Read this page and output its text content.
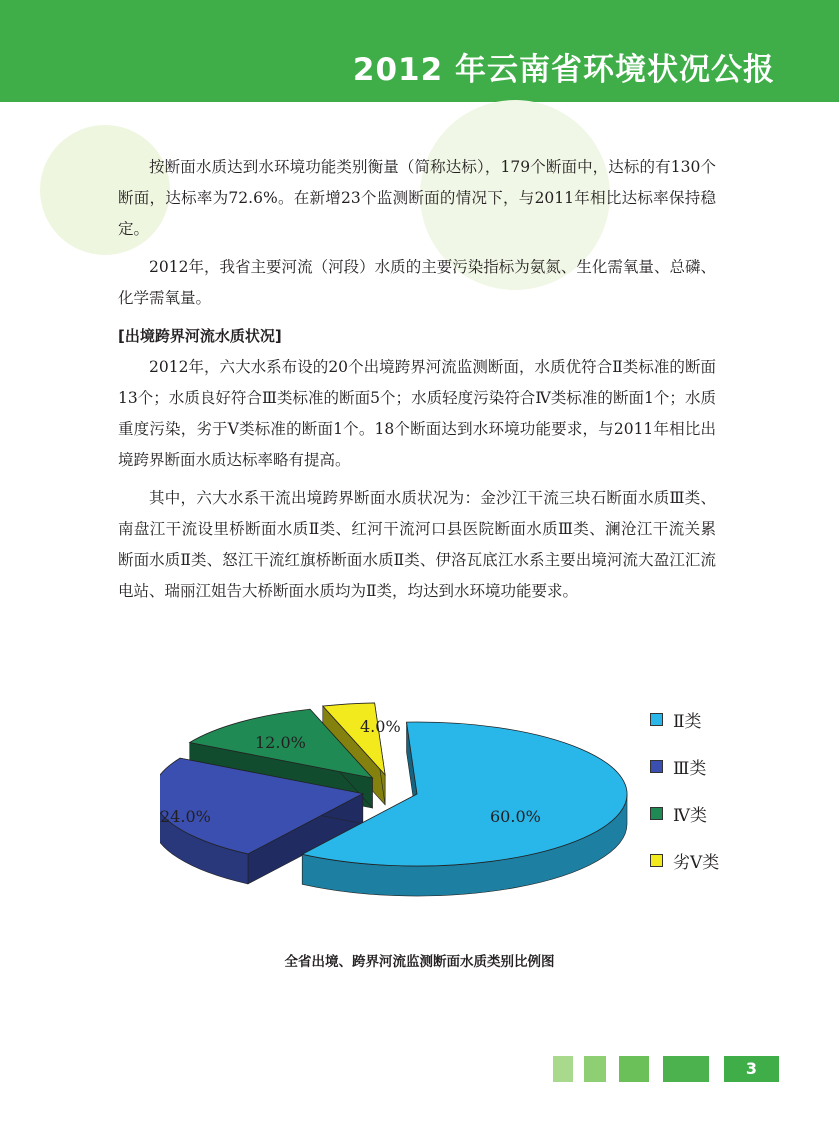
2012 年云南省环境状况公报

按断面水质达到水环境功能类别衡量（简称达标），179个断面中，达标的有130个断面，达标率为72.6%。在新增23个监测断面的情况下，与2011年相比达标率保持稳定。

2012年，我省主要河流（河段）水质的主要污染指标为氨氮、生化需氧量、总磷、化学需氧量。

[出境跨界河流水质状况]

2012年，六大水系布设的20个出境跨界河流监测断面，水质优符合Ⅱ类标准的断面13个；水质良好符合Ⅲ类标准的断面5个；水质轻度污染符合Ⅳ类标准的断面1个；水质重度污染，劣于Ⅴ类标准的断面1个。18个断面达到水环境功能要求，与2011年相比出境跨界断面水质达标率略有提高。

其中，六大水系干流出境跨界断面水质状况为：金沙江干流三块石断面水质Ⅲ类、南盘江干流设里桥断面水质Ⅱ类、红河干流河口县医院断面水质Ⅲ类、澜沧江干流关累断面水质Ⅱ类、怒江干流红旗桥断面水质Ⅱ类、伊洛瓦底江水系主要出境河流大盈江汇流电站、瑞丽江姐告大桥断面水质均为Ⅱ类，均达到水环境功能要求。

60.0%
24.0%
12.0%
4.0%	Ⅱ类
Ⅲ类
Ⅳ类
劣Ⅴ类
全省出境、跨界河流监测断面水质类别比例图
3
